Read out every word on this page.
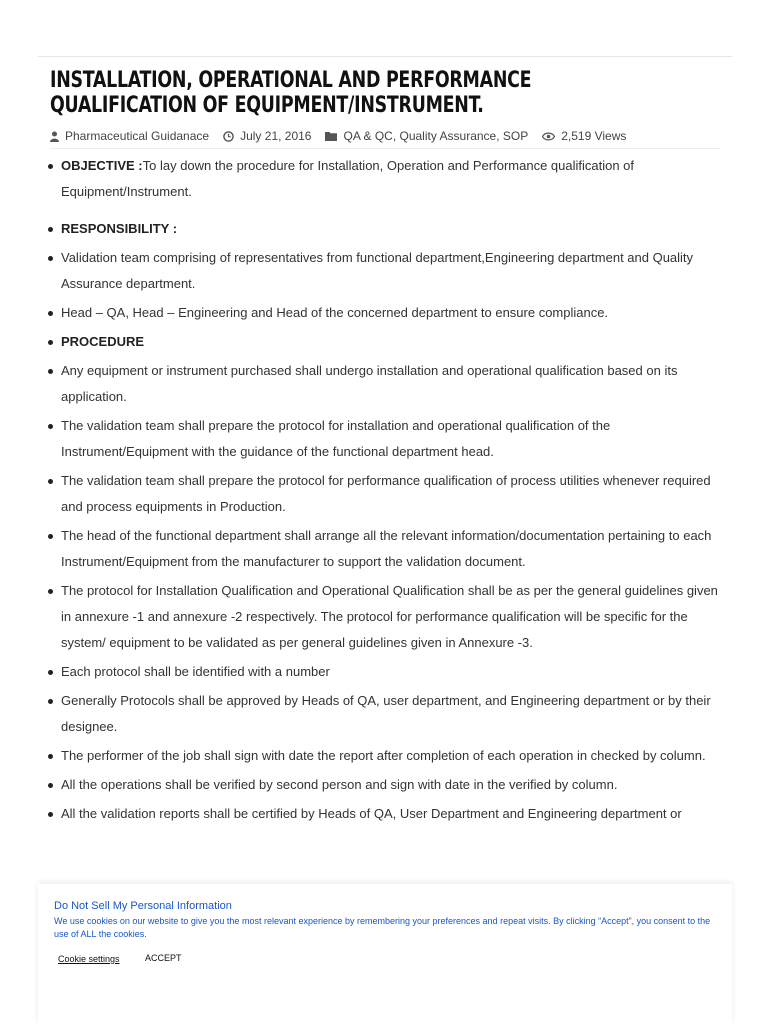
INSTALLATION, OPERATIONAL AND PERFORMANCE QUALIFICATION OF EQUIPMENT/INSTRUMENT.
Pharmaceutical Guidanace	July 21, 2016	QA & QC, Quality Assurance, SOP	2,519 Views
OBJECTIVE :To lay down the procedure for Installation, Operation and Performance qualification of Equipment/Instrument.
RESPONSIBILITY :
Validation team comprising of representatives from functional department,Engineering department and Quality Assurance department.
Head – QA, Head – Engineering and Head of the concerned department to ensure compliance.
PROCEDURE
Any equipment or instrument purchased shall undergo installation and operational qualification based on its application.
The validation team shall prepare the protocol for installation and operational qualification of the Instrument/Equipment with the guidance of the functional department head.
The validation team shall prepare the protocol for performance qualification of process utilities whenever required and process equipments in Production.
The head of the functional department shall arrange all the relevant information/documentation pertaining to each Instrument/Equipment from the manufacturer to support the validation document.
The protocol for Installation Qualification and Operational Qualification shall be as per the general guidelines given in annexure -1 and annexure -2 respectively. The protocol for performance qualification will be specific for the system/ equipment to be validated as per general guidelines given in Annexure -3.
Each protocol shall be identified with a number
Generally Protocols shall be approved by Heads of QA, user department, and Engineering department or by their designee.
The performer of the job shall sign with date the report after completion of each operation in checked by column.
All the operations shall be verified by second person and sign with date in the verified by column.
All the validation reports shall be certified by Heads of QA, User Department and Engineering department or
Do Not Sell My Personal Information
We use cookies on our website to give you the most relevant experience by remembering your preferences and repeat visits. By clicking “Accept”, you consent to the use of ALL the cookies.
Cookie settings	ACCEPT
